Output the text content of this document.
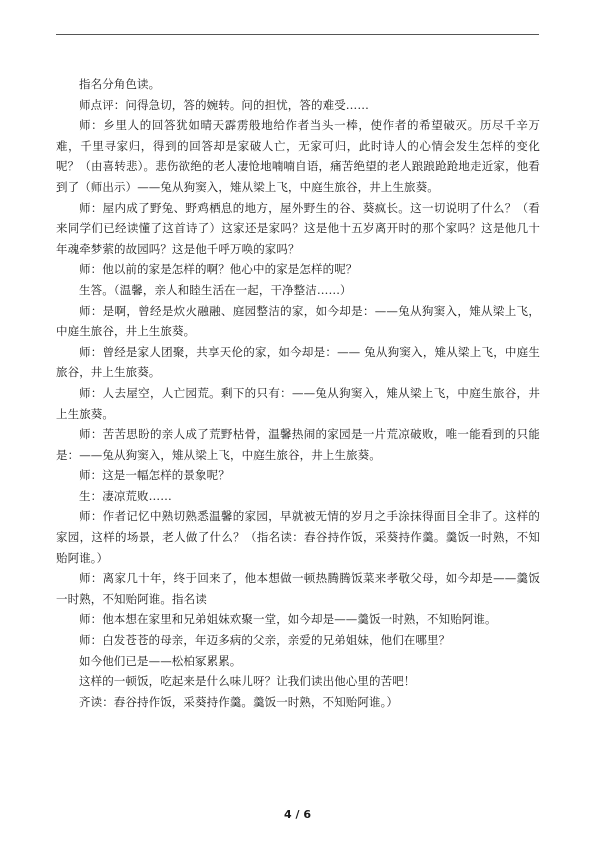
指名分角色读。

师点评：问得急切，答的婉转。问的担忧，答的难受……

师：乡里人的回答犹如晴天霹雳般地给作者当头一棒，使作者的希望破灭。历尽千辛万难，千里寻家归，得到的回答却是家破人亡，无家可归，此时诗人的心情会发生怎样的变化呢？（由喜转悲）。悲伤欲绝的老人凄怆地喃喃自语，痛苦绝望的老人踉踉跄跄地走近家，他看到了（师出示）——兔从狗窦入，雉从梁上飞，中庭生旅谷，井上生旅葵。

师：屋内成了野兔、野鸡栖息的地方，屋外野生的谷、葵疯长。这一切说明了什么？（看来同学们已经读懂了这首诗了）这家还是家吗？这是他十五岁离开时的那个家吗？这是他几十年魂牵梦萦的故园吗？这是他千呼万唤的家吗？

师：他以前的家是怎样的啊？他心中的家是怎样的呢？

生答。（温馨，亲人和睦生活在一起，干净整洁……）

师：是啊，曾经是炊火融融、庭园整洁的家，如今却是：——兔从狗窦入，雉从梁上飞，中庭生旅谷，井上生旅葵。

师：曾经是家人团聚，共享天伦的家，如今却是：—— 兔从狗窦入，雉从梁上飞，中庭生旅谷，井上生旅葵。

师：人去屋空，人亡园荒。剩下的只有：——兔从狗窦入，雉从梁上飞，中庭生旅谷，井上生旅葵。

师：苦苦思盼的亲人成了荒野枯骨，温馨热闹的家园是一片荒凉破败，唯一能看到的只能是：——兔从狗窦入，雉从梁上飞，中庭生旅谷，井上生旅葵。

师：这是一幅怎样的景象呢？

生：凄凉荒败……

师：作者记忆中熟切熟悉温馨的家园，早就被无情的岁月之手涂抹得面目全非了。这样的家园，这样的场景，老人做了什么？（指名读：舂谷持作饭，采葵持作羹。羹饭一时熟，不知贻阿谁。）

师：离家几十年，终于回来了，他本想做一顿热腾腾饭菜来孝敬父母，如今却是——羹饭一时熟，不知贻阿谁。指名读

师：他本想在家里和兄弟姐妹欢聚一堂，如今却是——羹饭一时熟，不知贻阿谁。

师：白发苍苍的母亲，年迈多病的父亲，亲爱的兄弟姐妹，他们在哪里？

如今他们已是——松柏冢累累。

这样的一顿饭，吃起来是什么味儿呀？让我们读出他心里的苦吧！

齐读：舂谷持作饭，采葵持作羹。羹饭一时熟，不知贻阿谁。）

4 / 6
